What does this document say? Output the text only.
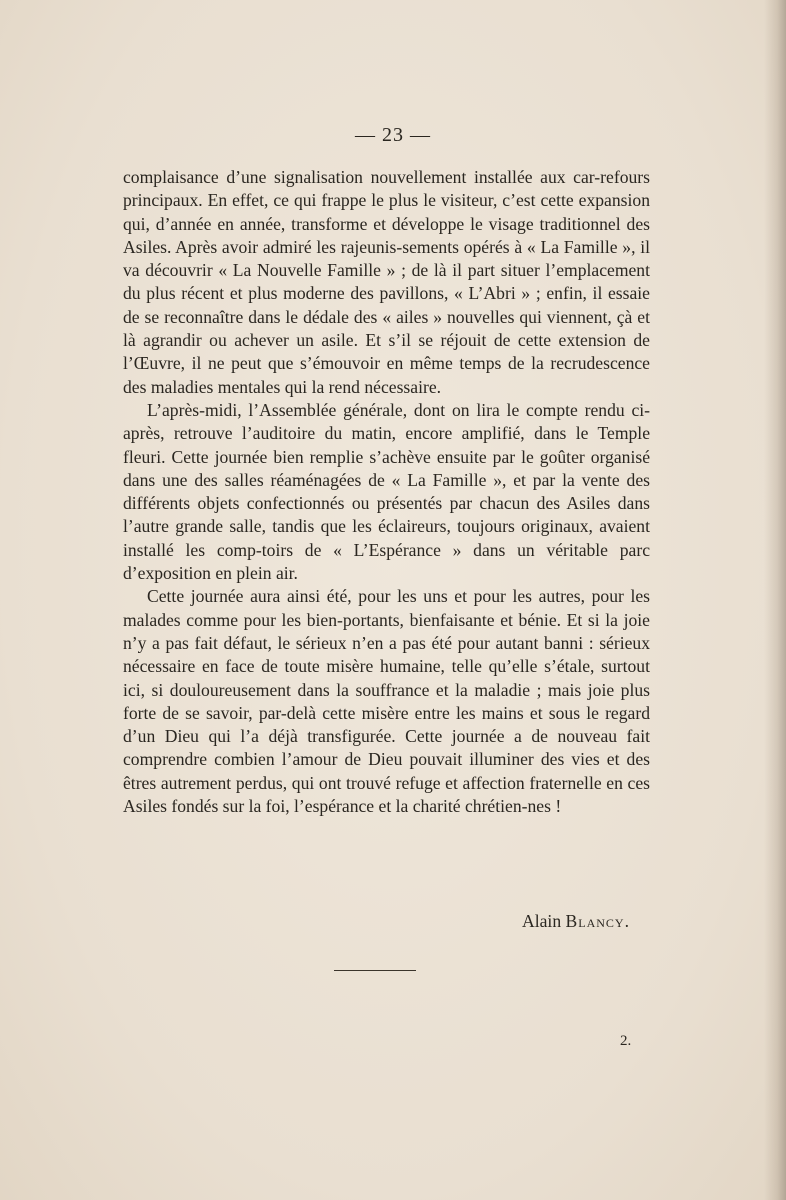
— 23 —

complaisance d’une signalisation nouvellement installée aux car-refours principaux. En effet, ce qui frappe le plus le visiteur, c’est cette expansion qui, d’année en année, transforme et développe le visage traditionnel des Asiles. Après avoir admiré les rajeunis-sements opérés à « La Famille », il va découvrir « La Nouvelle Famille » ; de là il part situer l’emplacement du plus récent et plus moderne des pavillons, « L’Abri » ; enfin, il essaie de se reconnaître dans le dédale des « ailes » nouvelles qui viennent, çà et là agrandir ou achever un asile. Et s’il se réjouit de cette extension de l’Œuvre, il ne peut que s’émouvoir en même temps de la recrudescence des maladies mentales qui la rend nécessaire.

L’après-midi, l’Assemblée générale, dont on lira le compte rendu ci-après, retrouve l’auditoire du matin, encore amplifié, dans le Temple fleuri. Cette journée bien remplie s’achève ensuite par le goûter organisé dans une des salles réaménagées de « La Famille », et par la vente des différents objets confectionnés ou présentés par chacun des Asiles dans l’autre grande salle, tandis que les éclaireurs, toujours originaux, avaient installé les comp-toirs de « L’Espérance » dans un véritable parc d’exposition en plein air.

Cette journée aura ainsi été, pour les uns et pour les autres, pour les malades comme pour les bien-portants, bienfaisante et bénie. Et si la joie n’y a pas fait défaut, le sérieux n’en a pas été pour autant banni : sérieux nécessaire en face de toute misère humaine, telle qu’elle s’étale, surtout ici, si douloureusement dans la souffrance et la maladie ; mais joie plus forte de se savoir, par-delà cette misère entre les mains et sous le regard d’un Dieu qui l’a déjà transfigurée. Cette journée a de nouveau fait comprendre combien l’amour de Dieu pouvait illuminer des vies et des êtres autrement perdus, qui ont trouvé refuge et affection fraternelle en ces Asiles fondés sur la foi, l’espérance et la charité chrétien-nes !

Alain Blancy.
2.
